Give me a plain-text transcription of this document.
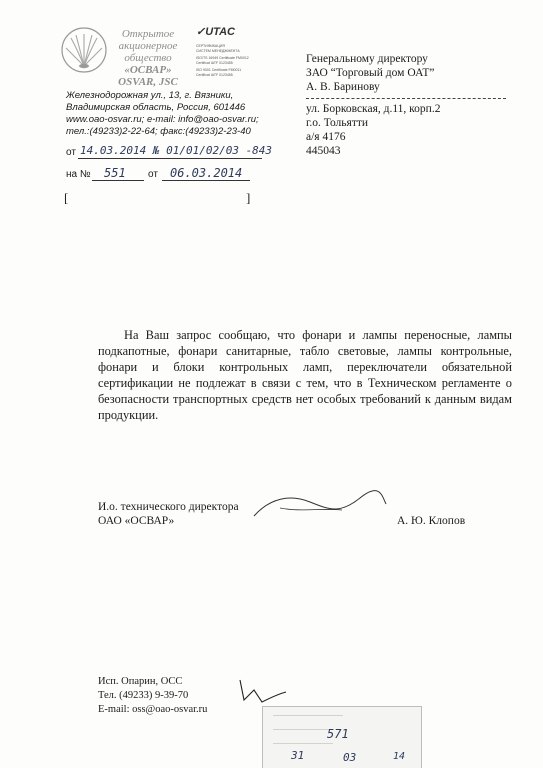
Открытое
акционерное
общество
«ОСВАР»
OSVAR, JSC
✓UTAC
СЕРТИФИКАЦИЯ
СИСТЕМ МЕНЕДЖМЕНТА
ISO/TS 16949 Certificate FM0012
Certificat IATF 0123455
ISO 9001 Certificate FM0011
Certificat IATF 0123455
Железнодорожная ул., 13, г. Вязники,
Владимирская область, Россия, 601446
www.oao-osvar.ru; e-mail: info@oao-osvar.ru;
тел.:(49233)2-22-64; факс:(49233)2-23-40
от 14.03.2014 № 01/01/02/03 -843
на № 551 от 06.03.2014
[	]
Генеральному директору
ЗАО “Торговый дом ОАТ”
А. В. Баринову
ул. Борковская, д.11, корп.2
г.о. Тольятти
а/я 4176
445043
На Ваш запрос сообщаю, что фонари и лампы переносные, лампы подкапотные, фонари санитарные, табло световые, лампы контрольные, фонари и блоки контрольных ламп, переключатели обязательной сертификации не подлежат в связи с тем, что в Техническом регламенте о безопасности транспортных средств нет особых требований к данным видам продукции.
И.о. технического директора
ОАО «ОСВАР»	А. Ю. Клопов
Исп. Опарин, ОСС
Тел. (49233) 9-39-70
E-mail: oss@oao-osvar.ru
571
31	03	14
